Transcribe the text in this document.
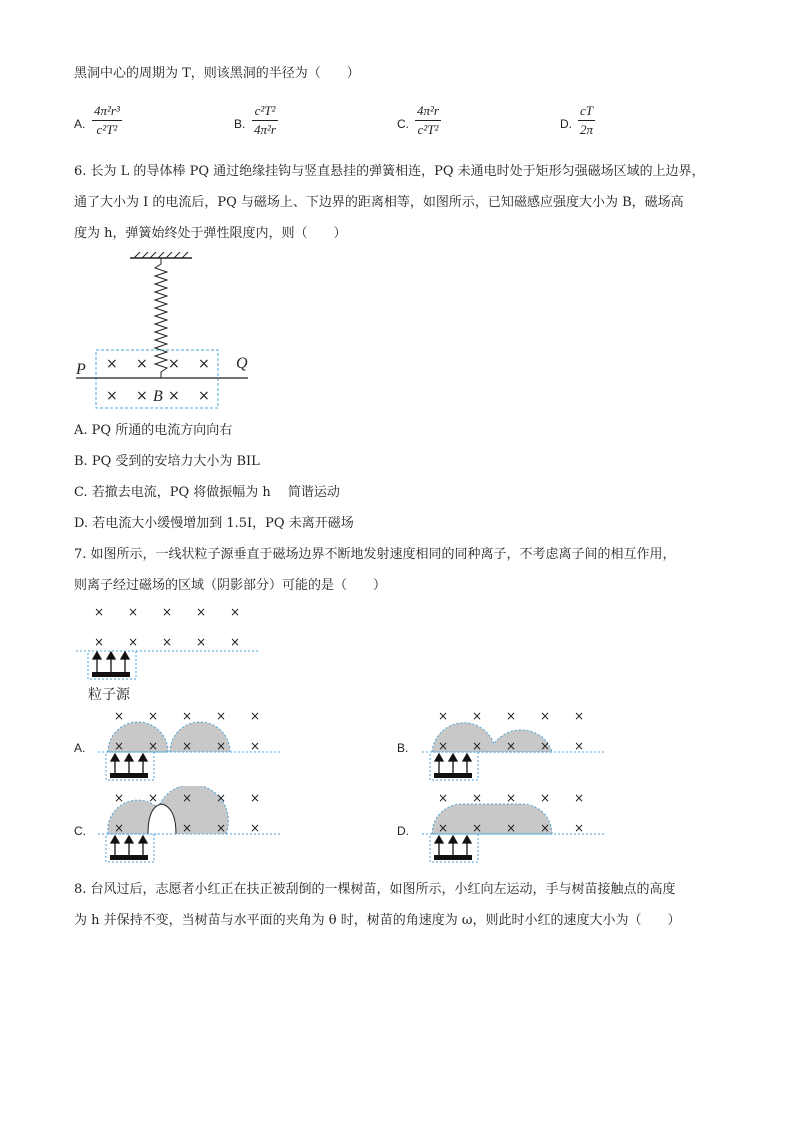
黑洞中心的周期为 T，则该黑洞的半径为（　　）
A. $\frac{\text{4π²r³}}{\text{c²T²}}$	B. $\frac{\text{c²T²}}{\text{4π²r}}$	C. $\frac{\text{4π²r}}{\text{c²T²}}$	D. $\frac{cT}{2\pi}$
6. 长为 L 的导体棒 PQ 通过绝缘挂钩与竖直悬挂的弹簧相连，PQ 未通电时处于矩形匀强磁场区域的上边界，
通了大小为 I 的电流后，PQ 与磁场上、下边界的距离相等，如图所示，已知磁感应强度大小为 B，磁场高
度为 h，弹簧始终处于弹性限度内，则（　　）
× × × ×
× × × ×
P	Q
B
A. PQ 所通的电流方向向右
B. PQ 受到的安培力大小为 BIL
C. 若撤去电流，PQ 将做振幅为 h　 简谐运动
D. 若电流大小缓慢增加到 1.5I，PQ 未离开磁场
7. 如图所示，一线状粒子源垂直于磁场边界不断地发射速度相同的同种离子，不考虑离子间的相互作用，
则离子经过磁场的区域（阴影部分）可能的是（　　）
× × × × ×
× × × × ×
粒子源
A.
× × × × ×
× × × × ×	B.
× × × × ×
× × × × ×
C.
× × × × ×
×	× × ×	D.
× × × × ×
× × × × ×
8. 台风过后，志愿者小红正在扶正被刮倒的一棵树苗，如图所示，小红向左运动，手与树苗接触点的高度
为 h 并保持不变，当树苗与水平面的夹角为 θ 时，树苗的角速度为 ω，则此时小红的速度大小为（　　）
